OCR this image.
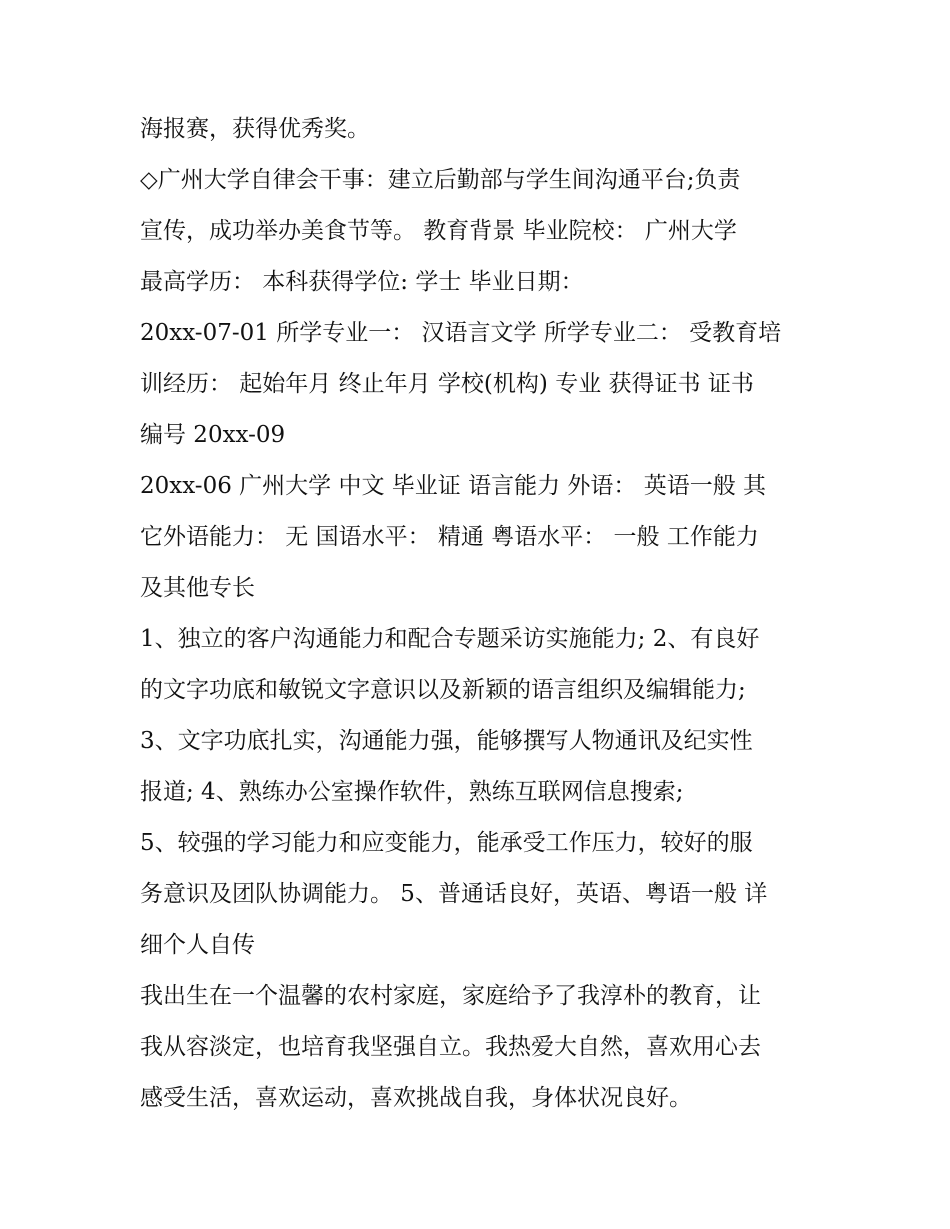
海报赛，获得优秀奖。
◇广州大学自律会干事：建立后勤部与学生间沟通平台;负责
宣传，成功举办美食节等。 教育背景 毕业院校： 广州大学
最高学历： 本科获得学位: 学士 毕业日期：
20xx-07-01 所学专业一： 汉语言文学 所学专业二： 受教育培
训经历： 起始年月 终止年月 学校(机构) 专业 获得证书 证书
编号 20xx-09
20xx-06 广州大学 中文 毕业证 语言能力 外语： 英语一般 其
它外语能力： 无 国语水平： 精通 粤语水平： 一般 工作能力
及其他专长
1、独立的客户沟通能力和配合专题采访实施能力; 2、有良好
的文字功底和敏锐文字意识以及新颖的语言组织及编辑能力;
3、文字功底扎实，沟通能力强，能够撰写人物通讯及纪实性
报道; 4、熟练办公室操作软件，熟练互联网信息搜索;
5、较强的学习能力和应变能力，能承受工作压力，较好的服
务意识及团队协调能力。 5、普通话良好，英语、粤语一般 详
细个人自传
我出生在一个温馨的农村家庭，家庭给予了我淳朴的教育，让
我从容淡定，也培育我坚强自立。我热爱大自然，喜欢用心去
感受生活，喜欢运动，喜欢挑战自我，身体状况良好。
